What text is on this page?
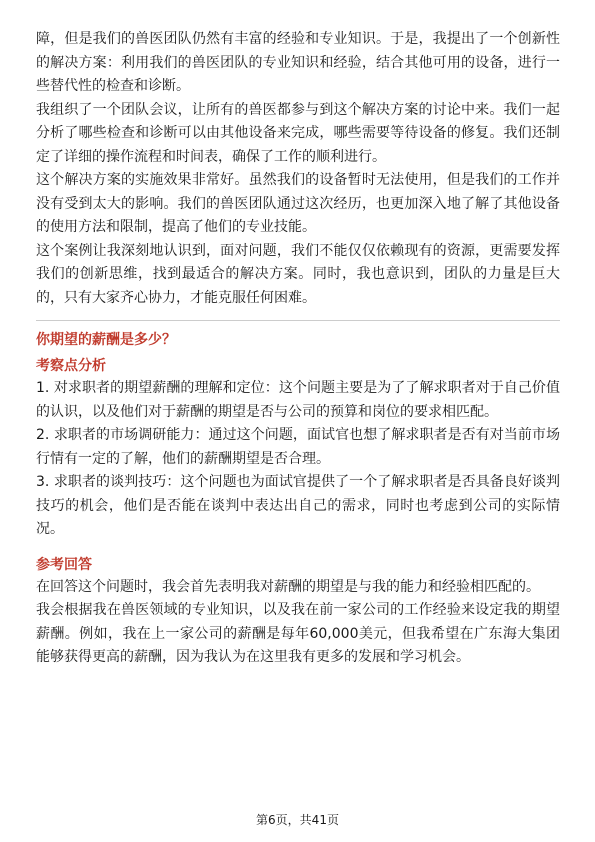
障，但是我们的兽医团队仍然有丰富的经验和专业知识。于是，我提出了一个创新性的解决方案：利用我们的兽医团队的专业知识和经验，结合其他可用的设备，进行一些替代性的检查和诊断。

我组织了一个团队会议，让所有的兽医都参与到这个解决方案的讨论中来。我们一起分析了哪些检查和诊断可以由其他设备来完成，哪些需要等待设备的修复。我们还制定了详细的操作流程和时间表，确保了工作的顺利进行。

这个解决方案的实施效果非常好。虽然我们的设备暂时无法使用，但是我们的工作并没有受到太大的影响。我们的兽医团队通过这次经历，也更加深入地了解了其他设备的使用方法和限制，提高了他们的专业技能。

这个案例让我深刻地认识到，面对问题，我们不能仅仅依赖现有的资源，更需要发挥我们的创新思维，找到最适合的解决方案。同时，我也意识到，团队的力量是巨大的，只有大家齐心协力，才能克服任何困难。

你期望的薪酬是多少？
考察点分析

1. 对求职者的期望薪酬的理解和定位：这个问题主要是为了了解求职者对于自己价值的认识，以及他们对于薪酬的期望是否与公司的预算和岗位的要求相匹配。

2. 求职者的市场调研能力：通过这个问题，面试官也想了解求职者是否有对当前市场行情有一定的了解，他们的薪酬期望是否合理。

3. 求职者的谈判技巧：这个问题也为面试官提供了一个了解求职者是否具备良好谈判技巧的机会，他们是否能在谈判中表达出自己的需求，同时也考虑到公司的实际情况。

参考回答

在回答这个问题时，我会首先表明我对薪酬的期望是与我的能力和经验相匹配的。

我会根据我在兽医领域的专业知识，以及我在前一家公司的工作经验来设定我的期望薪酬。例如，我在上一家公司的薪酬是每年60,000美元，但我希望在广东海大集团能够获得更高的薪酬，因为我认为在这里我有更多的发展和学习机会。

第6页，共41页
